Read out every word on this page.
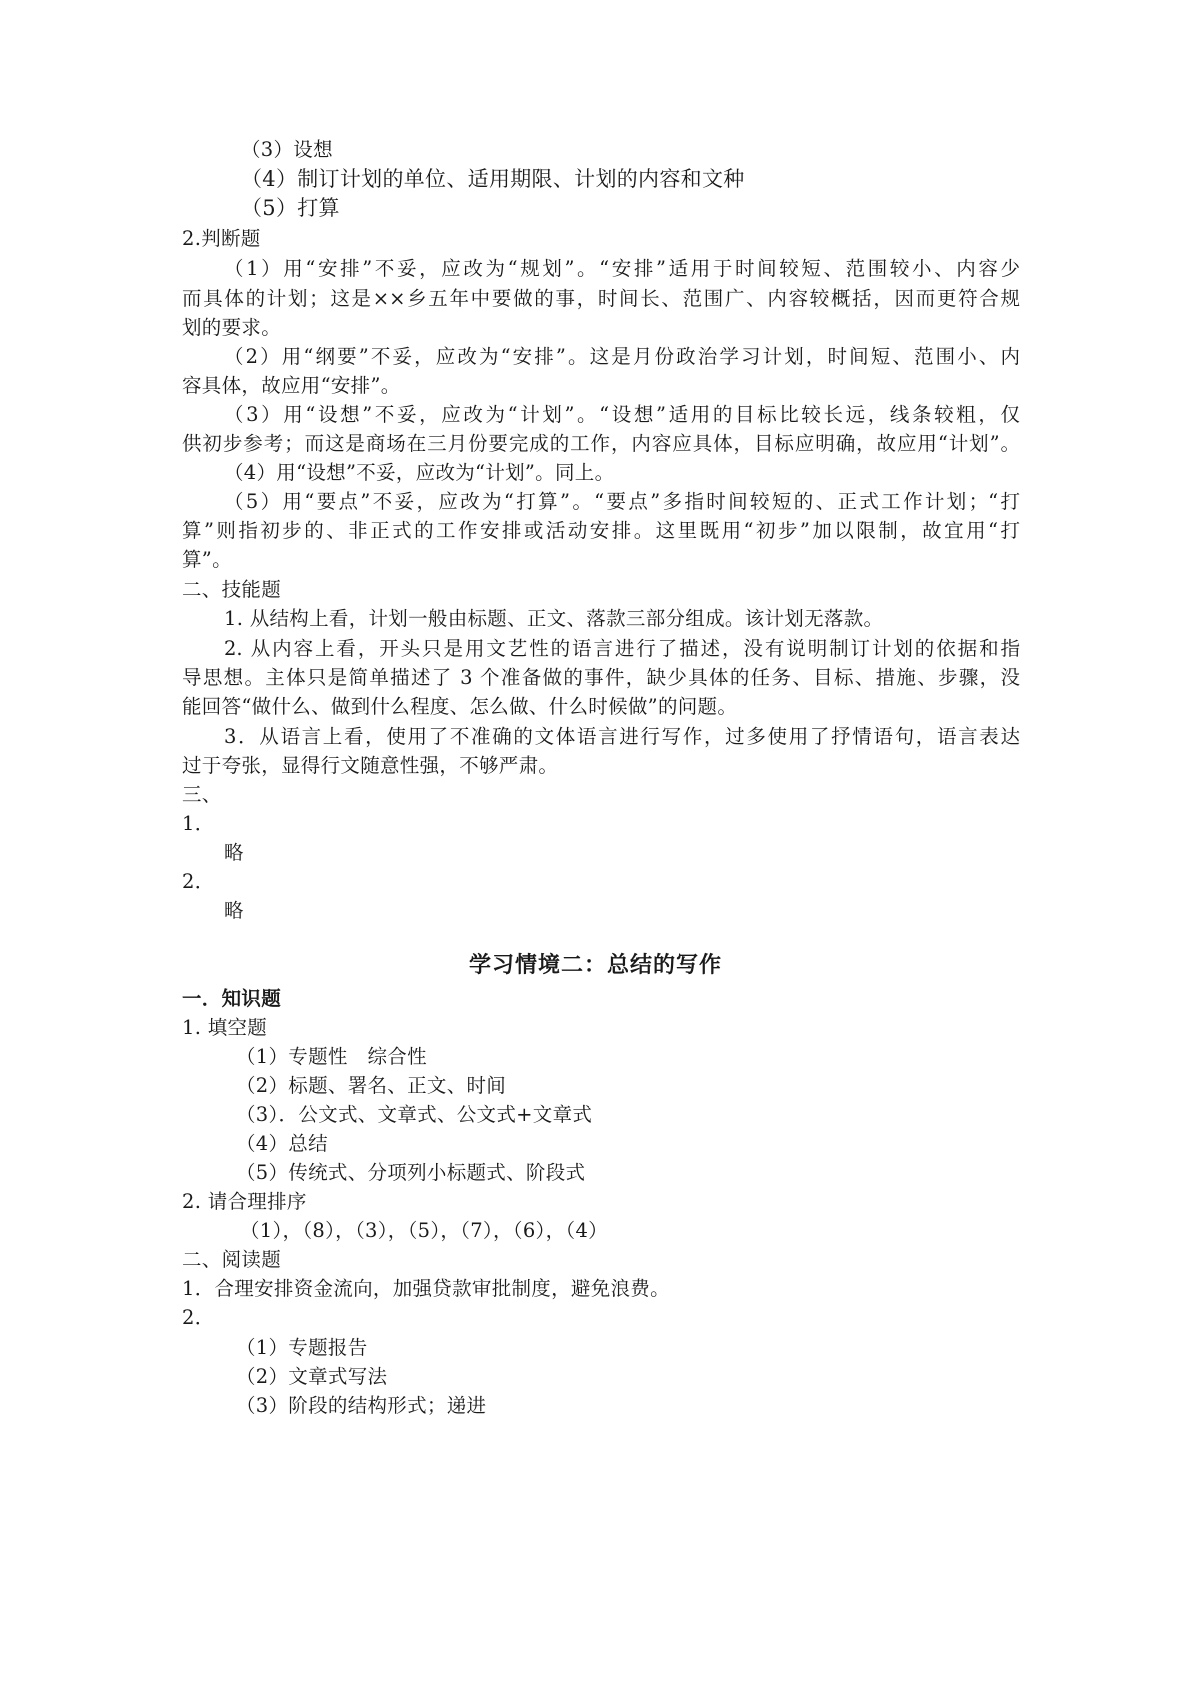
（3）设想
（4）制订计划的单位、适用期限、计划的内容和文种
（5）打算
2.判断题
（1）用“安排”不妥，应改为“规划”。“安排”适用于时间较短、范围较小、内容少
而具体的计划；这是××乡五年中要做的事，时间长、范围广、内容较概括，因而更符合规
划的要求。
（2）用“纲要”不妥，应改为“安排”。这是月份政治学习计划，时间短、范围小、内
容具体，故应用“安排”。
（3）用“设想”不妥，应改为“计划”。“设想”适用的目标比较长远，线条较粗，仅
供初步参考；而这是商场在三月份要完成的工作，内容应具体，目标应明确，故应用“计划”。
（4）用“设想”不妥，应改为“计划”。同上。
（5）用“要点”不妥，应改为“打算”。“要点”多指时间较短的、正式工作计划；“打
算”则指初步的、非正式的工作安排或活动安排。这里既用“初步”加以限制，故宜用“打
算”。
二、技能题
1. 从结构上看，计划一般由标题、正文、落款三部分组成。该计划无落款。
2. 从内容上看，开头只是用文艺性的语言进行了描述，没有说明制订计划的依据和指
导思想。主体只是简单描述了 3 个准备做的事件，缺少具体的任务、目标、措施、步骤，没
能回答“做什么、做到什么程度、怎么做、什么时候做”的问题。
3．从语言上看，使用了不准确的文体语言进行写作，过多使用了抒情语句，语言表达
过于夸张，显得行文随意性强，不够严肃。
三、
1．
略
2．
略
学习情境二：总结的写作
一．知识题
1. 填空题
（1）专题性　综合性
（2）标题、署名、正文、时间
（3）．公文式、文章式、公文式+文章式
（4）总结
（5）传统式、分项列小标题式、阶段式
2. 请合理排序
（1），（8），（3），（5），（7），（6），（4）
二、阅读题
1．合理安排资金流向，加强贷款审批制度，避免浪费。
2．
（1）专题报告
（2）文章式写法
（3）阶段的结构形式；递进
